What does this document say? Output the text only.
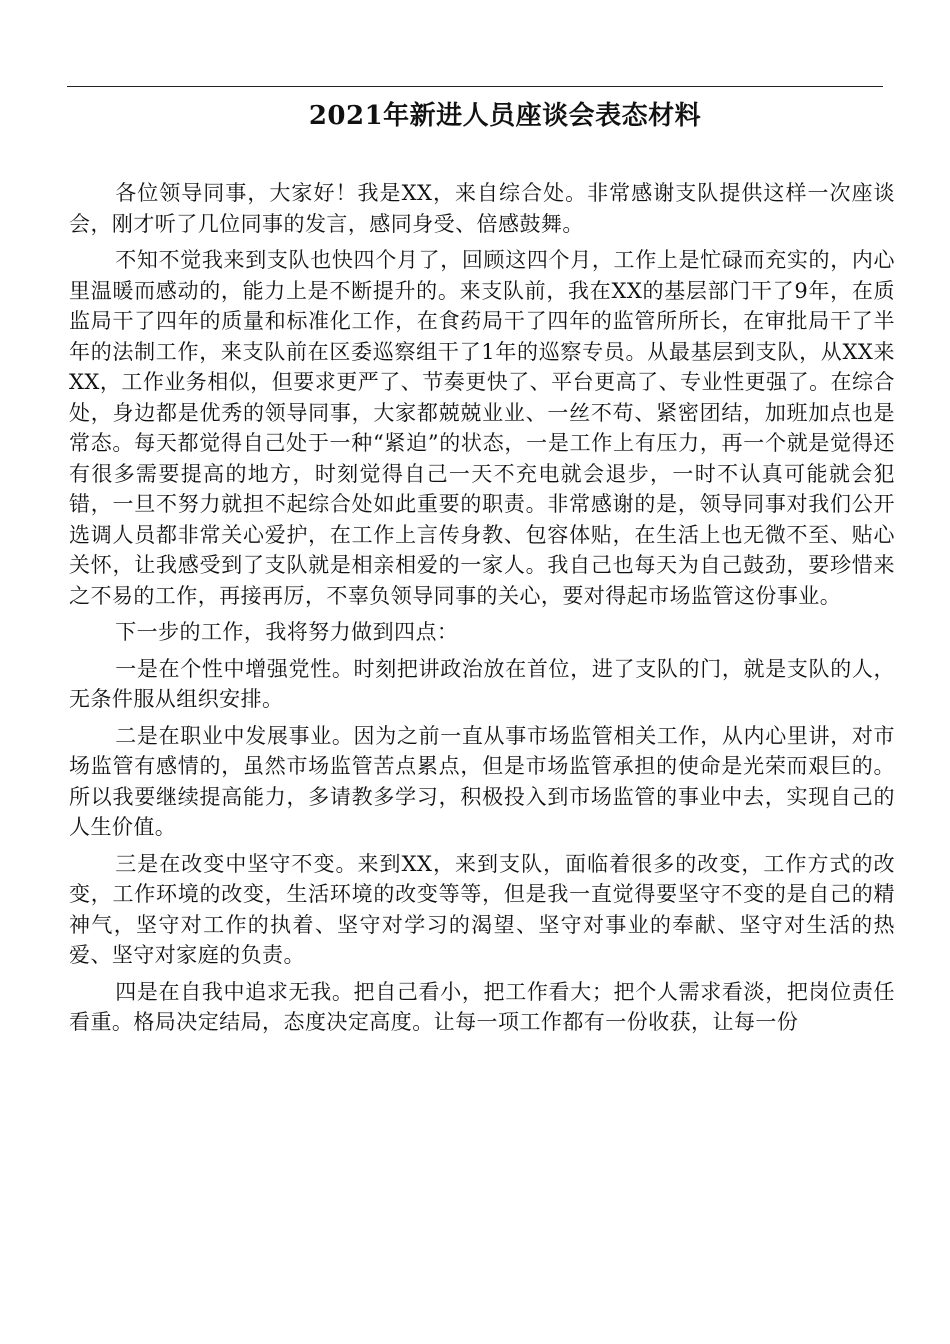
2021年新进人员座谈会表态材料

各位领导同事，大家好！我是XX，来自综合处。非常感谢支队提供这样一次座谈会，刚才听了几位同事的发言，感同身受、倍感鼓舞。

不知不觉我来到支队也快四个月了，回顾这四个月，工作上是忙碌而充实的，内心里温暖而感动的，能力上是不断提升的。来支队前，我在XX的基层部门干了9年，在质监局干了四年的质量和标准化工作，在食药局干了四年的监管所所长，在审批局干了半年的法制工作，来支队前在区委巡察组干了1年的巡察专员。从最基层到支队，从XX来XX，工作业务相似，但要求更严了、节奏更快了、平台更高了、专业性更强了。在综合处，身边都是优秀的领导同事，大家都兢兢业业、一丝不苟、紧密团结，加班加点也是常态。每天都觉得自己处于一种“紧迫”的状态，一是工作上有压力，再一个就是觉得还有很多需要提高的地方，时刻觉得自己一天不充电就会退步，一时不认真可能就会犯错，一旦不努力就担不起综合处如此重要的职责。非常感谢的是，领导同事对我们公开选调人员都非常关心爱护，在工作上言传身教、包容体贴，在生活上也无微不至、贴心关怀，让我感受到了支队就是相亲相爱的一家人。我自己也每天为自己鼓劲，要珍惜来之不易的工作，再接再厉，不辜负领导同事的关心，要对得起市场监管这份事业。

下一步的工作，我将努力做到四点：

一是在个性中增强党性。时刻把讲政治放在首位，进了支队的门，就是支队的人，无条件服从组织安排。

二是在职业中发展事业。因为之前一直从事市场监管相关工作，从内心里讲，对市场监管有感情的，虽然市场监管苦点累点，但是市场监管承担的使命是光荣而艰巨的。所以我要继续提高能力，多请教多学习，积极投入到市场监管的事业中去，实现自己的人生价值。

三是在改变中坚守不变。来到XX，来到支队，面临着很多的改变，工作方式的改变，工作环境的改变，生活环境的改变等等，但是我一直觉得要坚守不变的是自己的精神气，坚守对工作的执着、坚守对学习的渴望、坚守对事业的奉献、坚守对生活的热爱、坚守对家庭的负责。

四是在自我中追求无我。把自己看小，把工作看大；把个人需求看淡，把岗位责任看重。格局决定结局，态度决定高度。让每一项工作都有一份收获，让每一份
